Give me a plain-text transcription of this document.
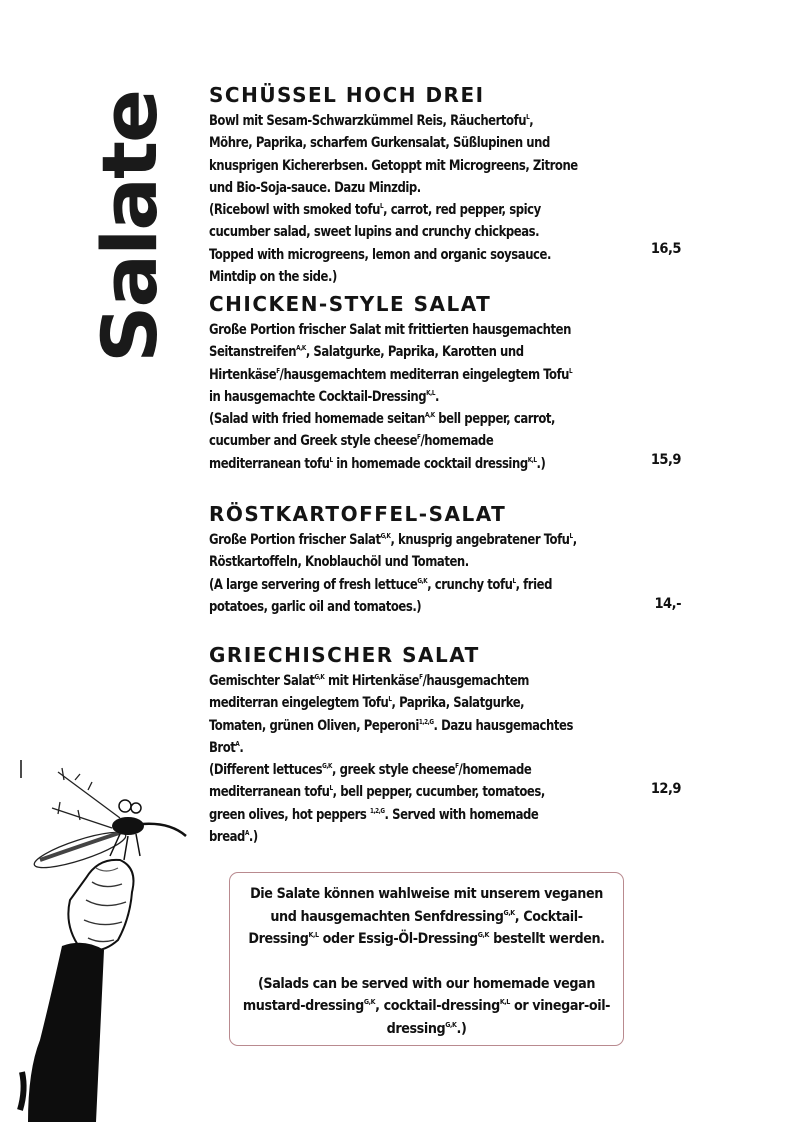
Salate
SCHÜSSEL HOCH DREI

Bowl mit Sesam-Schwarzkümmel Reis, Räuchertofu$^L$, Möhre, Paprika, scharfem Gurkensalat, Süßlupinen und knusprigen Kichererbsen. Getoppt mit Microgreens, Zitrone und Bio-Soja-sauce. Dazu Minzdip.

(Ricebowl with smoked tofu$^L$, carrot, red pepper, spicy cucumber salad, sweet lupins and crunchy chickpeas. Topped with microgreens, lemon and organic soysauce. Mintdip on the side.)

16,5
CHICKEN-STYLE SALAT

Große Portion frischer Salat mit frittierten hausgemachten Seitanstreifen$^{A,K}$, Salatgurke, Paprika, Karotten und Hirtenkäse$^F$/hausgemachtem mediterran eingelegtem Tofu$^L$ in hausgemachte Cocktail-Dressing$^{K,L}$.

(Salad with fried homemade seitan$^{A,K}$ bell pepper, carrot, cucumber and Greek style cheese$^F$/homemade mediterranean tofu$^L$ in homemade cocktail dressing$^{K,L}$.)	15,9
RÖSTKARTOFFEL-SALAT

Große Portion frischer Salat$^{G,K}$, knusprig angebratener Tofu$^L$, Röstkartoffeln, Knoblauchöl und Tomaten.

(A large servering of fresh lettuce$^{G,K}$, crunchy tofu$^L$, fried potatoes, garlic oil and tomatoes.)	14,-
GRIECHISCHER SALAT

Gemischter Salat$^{G,K}$ mit Hirtenkäse$^F$/hausgemachtem mediterran eingelegtem Tofu$^L$, Paprika, Salatgurke, Tomaten, grünen Oliven, Peperoni$^{1,2,G}$. Dazu hausgemachtes Brot$^A$.

(Different lettuces$^{G,K}$, greek style cheese$^F$/homemade mediterranean tofu$^L$, bell pepper, cucumber, tomatoes, green olives, hot peppers $^{1,2,G}$. Served with homemade bread$^A$.)

12,9

Die Salate können wahlweise mit unserem veganen und hausgemachten Senfdressing$^{G,K}$, Cocktail-Dressing$^{K,L}$ oder Essig-Öl-Dressing$^{G,K}$ bestellt werden.

(Salads can be served with our homemade vegan mustard-dressing$^{G,K}$, cocktail-dressing$^{K,L}$ or vinegar-oil-dressing$^{G,K}$.)
